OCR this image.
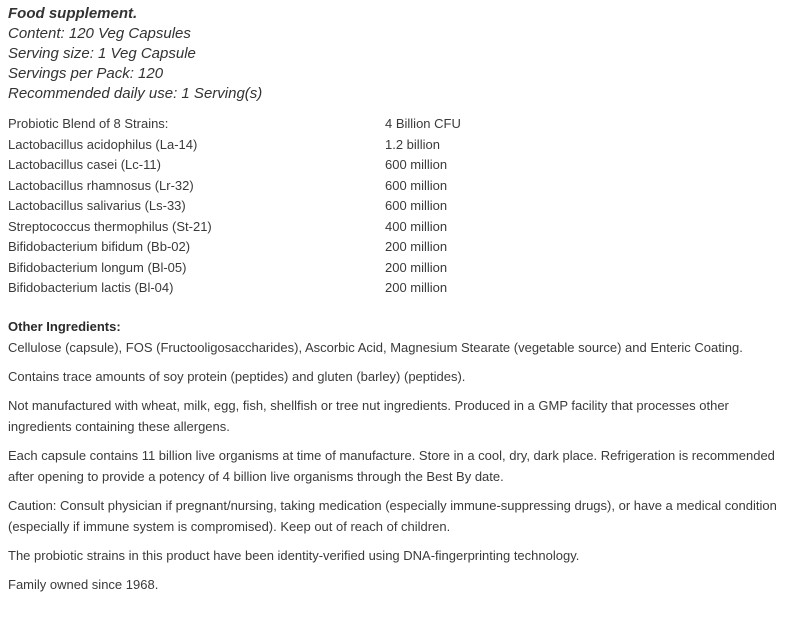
Food supplement.
Content: 120 Veg Capsules
Serving size: 1 Veg Capsule
Servings per Pack: 120
Recommended daily use: 1 Serving(s)
Probiotic Blend of 8 Strains:	4 Billion CFU
Lactobacillus acidophilus (La-14)	1.2 billion
Lactobacillus casei (Lc-11)	600 million
Lactobacillus rhamnosus (Lr-32)	600 million
Lactobacillus salivarius (Ls-33)	600 million
Streptococcus thermophilus (St-21)	400 million
Bifidobacterium bifidum (Bb-02)	200 million
Bifidobacterium longum (Bl-05)	200 million
Bifidobacterium lactis (Bl-04)	200 million

Other Ingredients:
Cellulose (capsule), FOS (Fructooligosaccharides), Ascorbic Acid, Magnesium Stearate (vegetable source) and Enteric Coating.

Contains trace amounts of soy protein (peptides) and gluten (barley) (peptides).

Not manufactured with wheat, milk, egg, fish, shellfish or tree nut ingredients. Produced in a GMP facility that processes other ingredients containing these allergens.

Each capsule contains 11 billion live organisms at time of manufacture. Store in a cool, dry, dark place. Refrigeration is recommended after opening to provide a potency of 4 billion live organisms through the Best By date.

Caution: Consult physician if pregnant/nursing, taking medication (especially immune-suppressing drugs), or have a medical condition (especially if immune system is compromised). Keep out of reach of children.

The probiotic strains in this product have been identity-verified using DNA-fingerprinting technology.

Family owned since 1968.
